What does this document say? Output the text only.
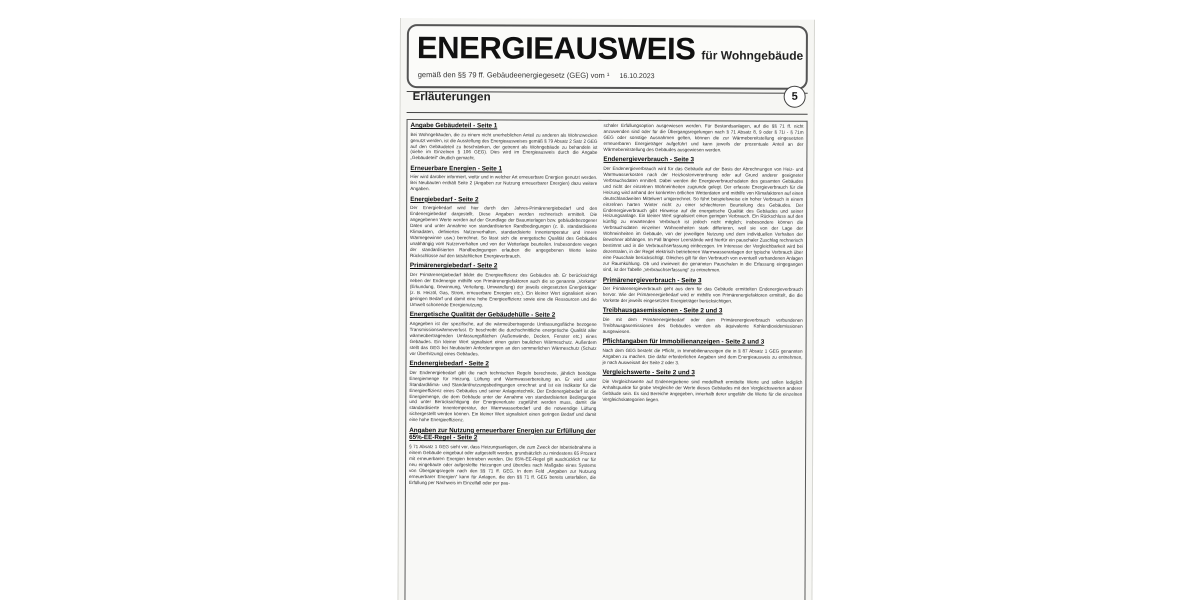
ENERGIEAUSWEIS für Wohngebäude
gemäß den §§ 79 ff. Gebäudeenergiegesetz (GEG) vom ¹ 16.10.2023
Erläuterungen	5
Angabe Gebäudeteil - Seite 1

Bei Wohngebäuden, die zu einem nicht unerheblichen Anteil zu anderen als Wohnzwecken genutzt werden, ist die Ausstellung des Energieausweises gemäß § 79 Absatz 2 Satz 2 GEG auf den Gebäudeteil zu beschränken, der getrennt als Wohngebäude zu behandeln ist (siehe im Einzelnen § 106 GEG). Dies wird im Energieausweis durch die Angabe „Gebäudeteil“ deutlich gemacht.

Erneuerbare Energien - Seite 1

Hier wird darüber informiert, wofür und in welcher Art erneuerbare Energien genutzt werden. Bei Neubauten enthält Seite 2 (Angaben zur Nutzung erneuerbarer Energien) dazu weitere Angaben.

Energiebedarf - Seite 2

Der Energiebedarf wird hier durch den Jahres-Primärenergiebedarf und den Endenergiebedarf dargestellt. Diese Angaben werden rechnerisch ermittelt. Die angegebenen Werte werden auf der Grundlage der Bauunterlagen bzw. gebäudebezogener Daten und unter Annahme von standardisierten Randbedingungen (z. B. standardisierte Klimadaten, definiertes Nutzerverhalten, standardisierte Innentemperatur und innere Wärmegewinne usw.) berechnet. So lässt sich die energetische Qualität des Gebäudes unabhängig vom Nutzerverhalten und von der Wetterlage beurteilen. Insbesondere wegen der standardisierten Randbedingungen erlauben die angegebenen Werte keine Rückschlüsse auf den tatsächlichen Energieverbrauch.

Primärenergiebedarf - Seite 2

Der Primärenergiebedarf bildet die Energieeffizienz des Gebäudes ab. Er berücksichtigt neben der Endenergie mithilfe von Primärenergiefaktoren auch die so genannte „Vorkette“ (Erkundung, Gewinnung, Verteilung, Umwandlung) der jeweils eingesetzten Energieträger (z. B. Heizöl, Gas, Strom, erneuerbare Energien etc.). Ein kleiner Wert signalisiert einen geringen Bedarf und damit eine hohe Energieeffizienz sowie eine die Ressourcen und die Umwelt schonende Energienutzung.

Energetische Qualität der Gebäudehülle - Seite 2

Angegeben ist der spezifische, auf die wärmeübertragende Umfassungsfläche bezogene Transmissionswärmeverlust. Er beschreibt die durchschnittliche energetische Qualität aller wärmeübertragenden Umfassungsflächen (Außenwände, Decken, Fenster etc.) eines Gebäudes. Ein kleiner Wert signalisiert einen guten baulichen Wärmeschutz. Außerdem stellt das GEG bei Neubauten Anforderungen an den sommerlichen Wärmeschutz (Schutz vor Überhitzung) eines Gebäudes.

Endenergiebedarf - Seite 2

Der Endenergiebedarf gibt die nach technischen Regeln berechnete, jährlich benötigte Energiemenge für Heizung, Lüftung und Warmwasserbereitung an. Er wird unter Standardklima- und Standardnutzungsbedingungen errechnet und ist ein Indikator für die Energieeffizienz eines Gebäudes und seiner Anlagentechnik. Der Endenergiebedarf ist die Energiemenge, die dem Gebäude unter der Annahme von standardisierten Bedingungen und unter Berücksichtigung der Energieverluste zugeführt werden muss, damit die standardisierte Innentemperatur, der Warmwasserbedarf und die notwendige Lüftung sichergestellt werden können. Ein kleiner Wert signalisiert einen geringen Bedarf und damit eine hohe Energieeffizienz.

Angaben zur Nutzung erneuerbarer Energien zur Erfüllung der 65%-EE-Regel - Seite 2

§ 71 Absatz 1 GEG sieht vor, dass Heizungsanlagen, die zum Zweck der Inbetriebnahme in einem Gebäude eingebaut oder aufgestellt werden, grundsätzlich zu mindestens 65 Prozent mit erneuerbaren Energien betrieben werden. Die 65%-EE-Regel gilt ausdrücklich nur für neu eingebaute oder aufgestellte Heizungen und überdies nach Maßgabe eines Systems von Übergangsregeln nach den §§ 71 ff. GEG. In dem Feld „Angaben zur Nutzung erneuerbarer Energien“ kann für Anlagen, die den §§ 71 ff. GEG bereits unterfallen, die Erfüllung per Nachweis im Einzelfall oder per pau-

schaler Erfüllungsoption ausgewiesen werden. Für Bestandsanlagen, auf die §§ 71 ff. nicht anzuwenden sind oder für die Übergangsregelungen nach § 71 Absatz 8, 9 oder § 71i - § 71m GEG oder sonstige Ausnahmen gelten, können die zur Wärmebereitstellung eingesetzten erneuerbaren Energieträger aufgeführt und kann jeweils der prozentuale Anteil an der Wärmebereitstellung des Gebäudes ausgewiesen werden.

Endenergieverbrauch - Seite 3

Der Endenergieverbrauch wird für das Gebäude auf der Basis der Abrechnungen von Heiz- und Warmwasserkosten nach der Heizkostenverordnung oder auf Grund anderer geeigneter Verbrauchsdaten ermittelt. Dabei werden die Energieverbrauchsdaten des gesamten Gebäudes und nicht der einzelnen Wohneinheiten zugrunde gelegt. Der erfasste Energieverbrauch für die Heizung wird anhand der konkreten örtlichen Wetterdaten und mithilfe von Klimafaktoren auf einen deutschlandweiten Mittelwert umgerechnet. So führt beispielsweise ein hoher Verbrauch in einem einzelnen harten Winter nicht zu einer schlechteren Beurteilung des Gebäudes. Der Endenergieverbrauch gibt Hinweise auf die energetische Qualität des Gebäudes und seiner Heizungsanlage. Ein kleiner Wert signalisiert einen geringen Verbrauch. Ein Rückschluss auf den künftig zu erwartenden Verbrauch ist jedoch nicht möglich; insbesondere können die Verbrauchsdaten einzelner Wohneinheiten stark differieren, weil sie von der Lage der Wohneinheiten im Gebäude, von der jeweiligen Nutzung und dem individuellen Verhalten der Bewohner abhängen. Im Fall längerer Leerstände wird hierfür ein pauschaler Zuschlag rechnerisch bestimmt und in die Verbrauchserfassung einbezogen. Im Interesse der Vergleichbarkeit wird bei dezentralen, in der Regel elektrisch betriebenen Warmwasseranlagen der typische Verbrauch über eine Pauschale berücksichtigt. Gleiches gilt für den Verbrauch von eventuell vorhandenen Anlagen zur Raumkühlung. Ob und inwieweit die genannten Pauschalen in die Erfassung eingegangen sind, ist der Tabelle „Verbrauchserfassung“ zu entnehmen.

Primärenergieverbrauch - Seite 3

Der Primärenergieverbrauch geht aus dem für das Gebäude ermittelten Endenergieverbrauch hervor. Wie der Primärenergiebedarf wird er mithilfe von Primärenergiefaktoren ermittelt, die die Vorkette der jeweils eingesetzten Energieträger berücksichtigen.

Treibhausgasemissionen - Seite 2 und 3

Die mit dem Primärenergiebedarf oder dem Primärenergieverbrauch verbundenen Treibhausgasemissionen des Gebäudes werden als äquivalente Kohlendioxidemissionen ausgewiesen.

Pflichtangaben für Immobilienanzeigen - Seite 2 und 3

Nach dem GEG besteht die Pflicht, in Immobilienanzeigen die in § 87 Absatz 1 GEG genannten Angaben zu machen. Die dafür erforderlichen Angaben sind dem Energieausweis zu entnehmen, je nach Ausweisart der Seite 2 oder 3.

Vergleichswerte - Seite 2 und 3

Die Vergleichswerte auf Endenergiebene sind modellhaft ermittelte Werte und sollen lediglich Anhaltspunkte für grobe Vergleiche der Werte dieses Gebäudes mit den Vergleichswerten anderer Gebäude sein. Es sind Bereiche angegeben, innerhalb derer ungefähr die Werte für die einzelnen Vergleichskategorien liegen.
